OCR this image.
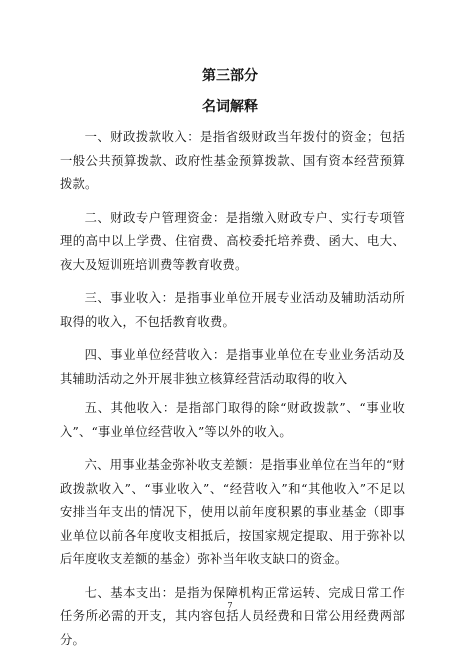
第三部分
名词解释

一、财政拨款收入：是指省级财政当年拨付的资金；包括一般公共预算拨款、政府性基金预算拨款、国有资本经营预算拨款。

二、财政专户管理资金：是指缴入财政专户、实行专项管理的高中以上学费、住宿费、高校委托培养费、函大、电大、夜大及短训班培训费等教育收费。

三、事业收入：是指事业单位开展专业活动及辅助活动所取得的收入，不包括教育收费。

四、事业单位经营收入：是指事业单位在专业业务活动及其辅助活动之外开展非独立核算经营活动取得的收入

五、其他收入：是指部门取得的除“财政拨款”、“事业收入”、“事业单位经营收入”等以外的收入。

六、用事业基金弥补收支差额：是指事业单位在当年的“财政拨款收入”、“事业收入”、“经营收入”和“其他收入”不足以安排当年支出的情况下，使用以前年度积累的事业基金（即事业单位以前各年度收支相抵后，按国家规定提取、用于弥补以后年度收支差额的基金）弥补当年收支缺口的资金。

七、基本支出：是指为保障机构正常运转、完成日常工作任务所必需的开支，其内容包括人员经费和日常公用经费两部分。

7
